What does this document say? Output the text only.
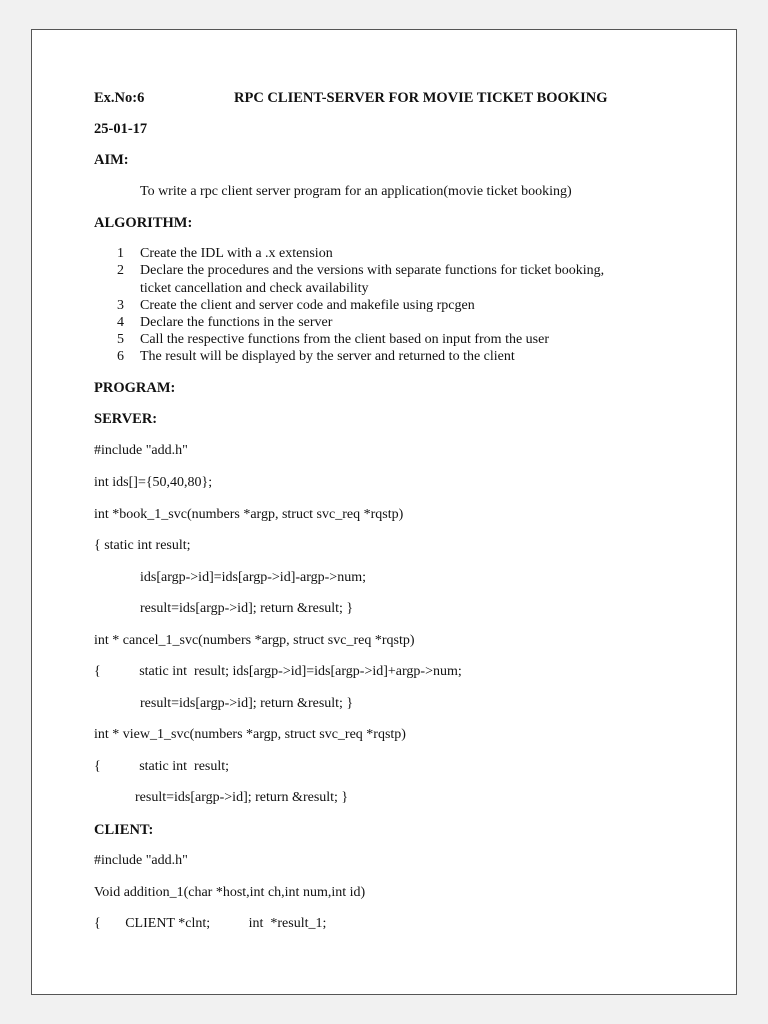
Ex.No:6	RPC CLIENT-SERVER FOR MOVIE TICKET BOOKING
25-01-17
AIM:
To write a rpc client server program for an application(movie ticket booking)
ALGORITHM:
1 Create the IDL with a .x extension
2 Declare the procedures and the versions with separate functions for ticket booking,
ticket cancellation and check availability
3 Create the client and server code and makefile using rpcgen
4 Declare the functions in the server
5 Call the respective functions from the client based on input from the user
6 The result will be displayed by the server and returned to the client
PROGRAM:
SERVER:
#include "add.h"
int ids[]={50,40,80};
int *book_1_svc(numbers *argp, struct svc_req *rqstp)
{ static int result;
ids[argp->id]=ids[argp->id]-argp->num;
result=ids[argp->id]; return &result; }
int * cancel_1_svc(numbers *argp, struct svc_req *rqstp)
{           static int  result; ids[argp->id]=ids[argp->id]+argp->num;
result=ids[argp->id]; return &result; }
int * view_1_svc(numbers *argp, struct svc_req *rqstp)
{           static int  result;
result=ids[argp->id]; return &result; }
CLIENT:
#include "add.h"
Void addition_1(char *host,int ch,int num,int id)
{       CLIENT *clnt;           int  *result_1;
